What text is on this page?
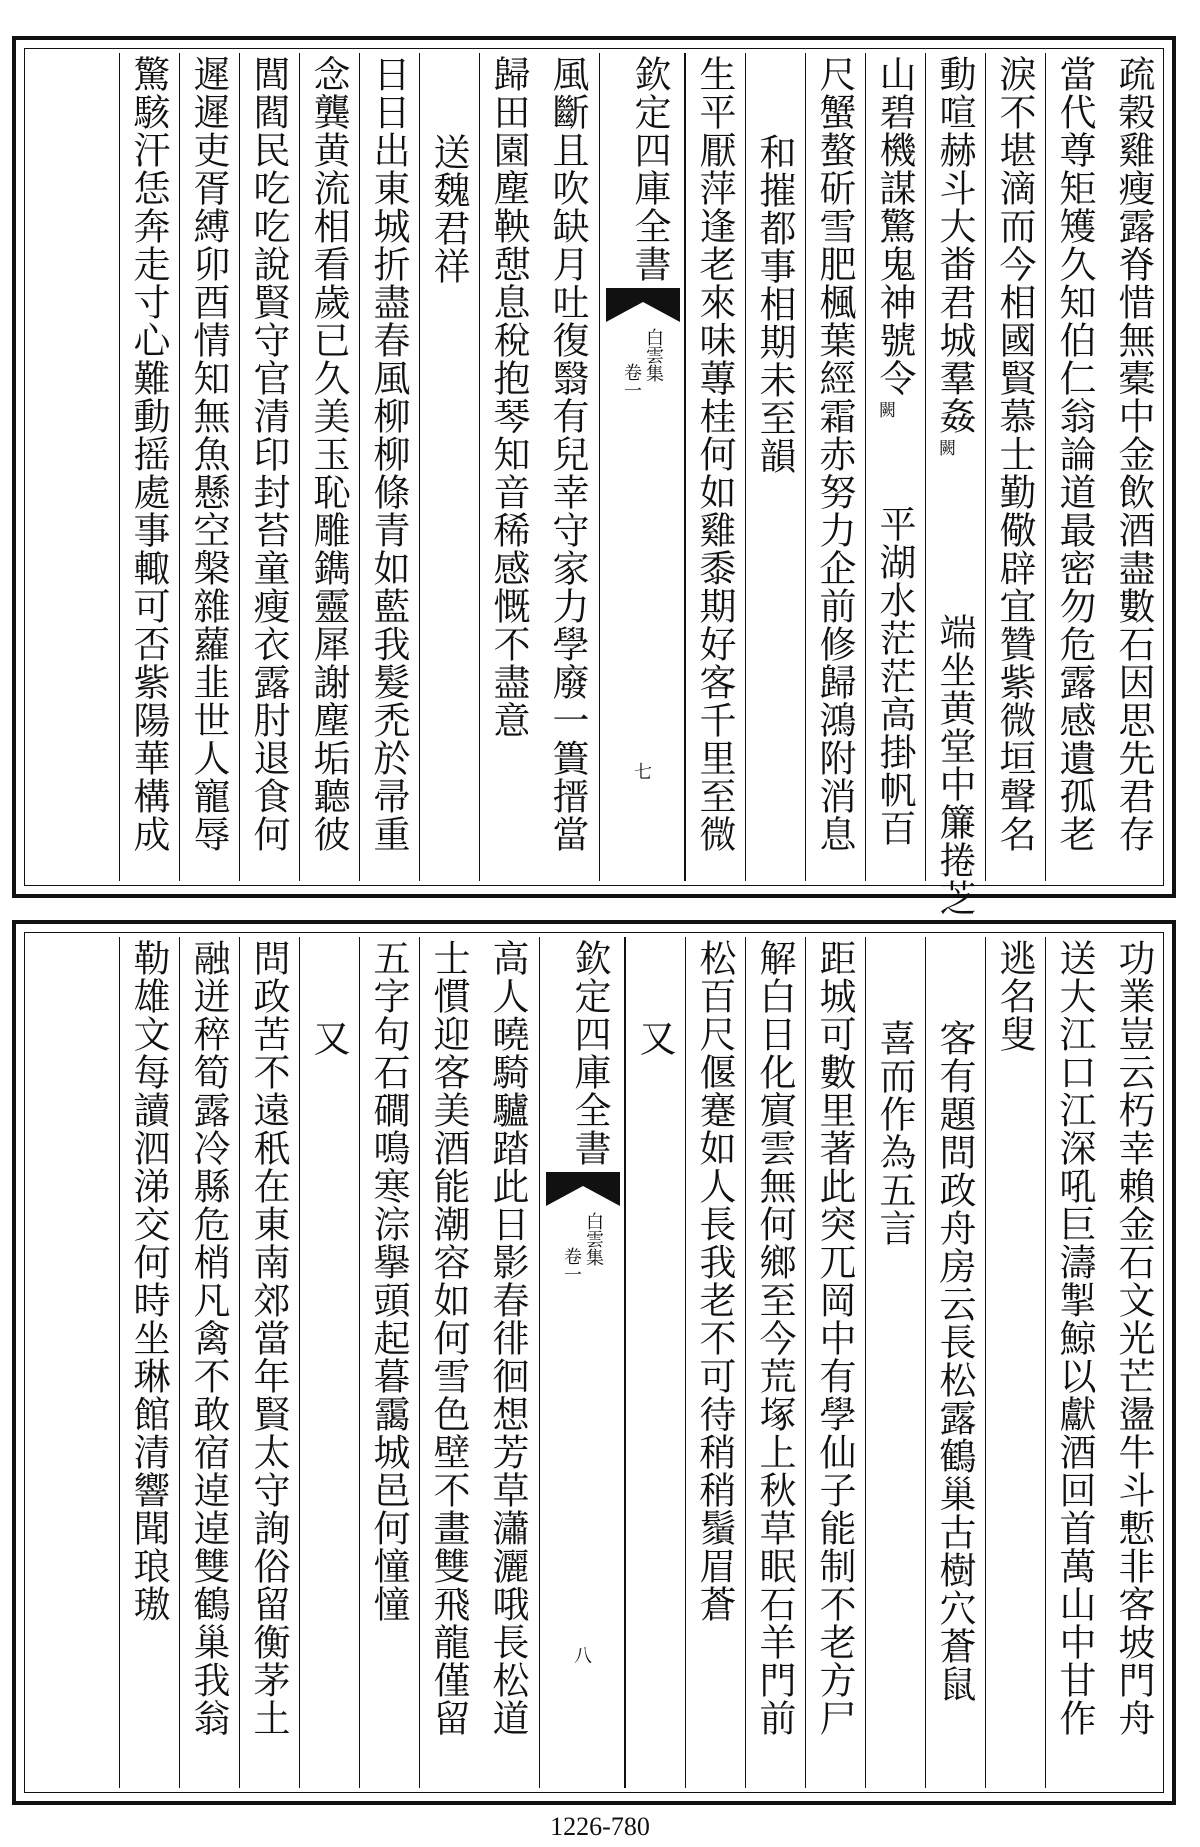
疏榖雞瘦露脊惜無橐中金飲酒盡數石因思先君存
當代尊矩矱久知伯仁翁論道最密勿危露感遺孤老
淚不堪滴而今相國賢慕士勤儆辟宜贊紫微垣聲名
動喧赫斗大畨君城羣姦闕
端坐黄堂中簾捲芝
山碧機謀驚鬼神號令闕
平湖水茫茫高掛帆百
尺蟹螯斫雪肥楓葉經霜赤努力企前修歸鴻附消息
和摧都事相期未至韻
生平厭萍逢老來味蓴桂何如雞黍期好客千里至微
欽定四庫全書
白雲集
卷一
七
風斷且吹缺月吐復翳有兒幸守家力學廢一簣搢當
歸田園塵鞅憇息稅抱琴知音稀感慨不盡意
送魏君祥
日日出東城折盡春風柳柳條青如藍我髮禿於帚重
念龔黄流相看歲已久美玉恥雕鐫靈犀謝塵垢聽彼
閭閻民吃吃說賢守官清印封苔童瘦衣露肘退食何
遲遲吏胥縛卯酉情知無魚懸空槃雜蘿韭世人寵辱
驚駭汗恁奔走寸心難動摇處事輙可否紫陽華構成
功業豈云朽幸賴金石文光芒盪牛斗慙非客坡門舟
送大江口江深吼巨濤掣鯨以獻酒回首萬山中甘作
逃名叟
客有題問政舟房云長松露鶴巢古樹穴蒼鼠
喜而作為五言
距城可數里著此突兀岡中有學仙子能制不老方尸
解白日化賔雲無何鄉至今荒塚上秋草眠石羊門前
松百尺偃蹇如人長我老不可待稍稍鬚眉蒼
又
欽定四庫全書
白雲集
卷一
八
高人曉騎驢踏此日影春徘徊想芳草瀟灑哦長松道
士慣迎客美酒能潮容如何雪色壁不畫雙飛龍僅留
五字句石磵鳴寒淙擧頭起暮靄城邑何憧憧
又
問政苦不遠秖在東南郊當年賢太守詢俗留衡茅土
融迸稡筍露冷縣危梢凡禽不敢宿逴逴雙鶴巢我翁
勒雄文每讀泗涕交何時坐琳館清響聞琅璈
1226-780
